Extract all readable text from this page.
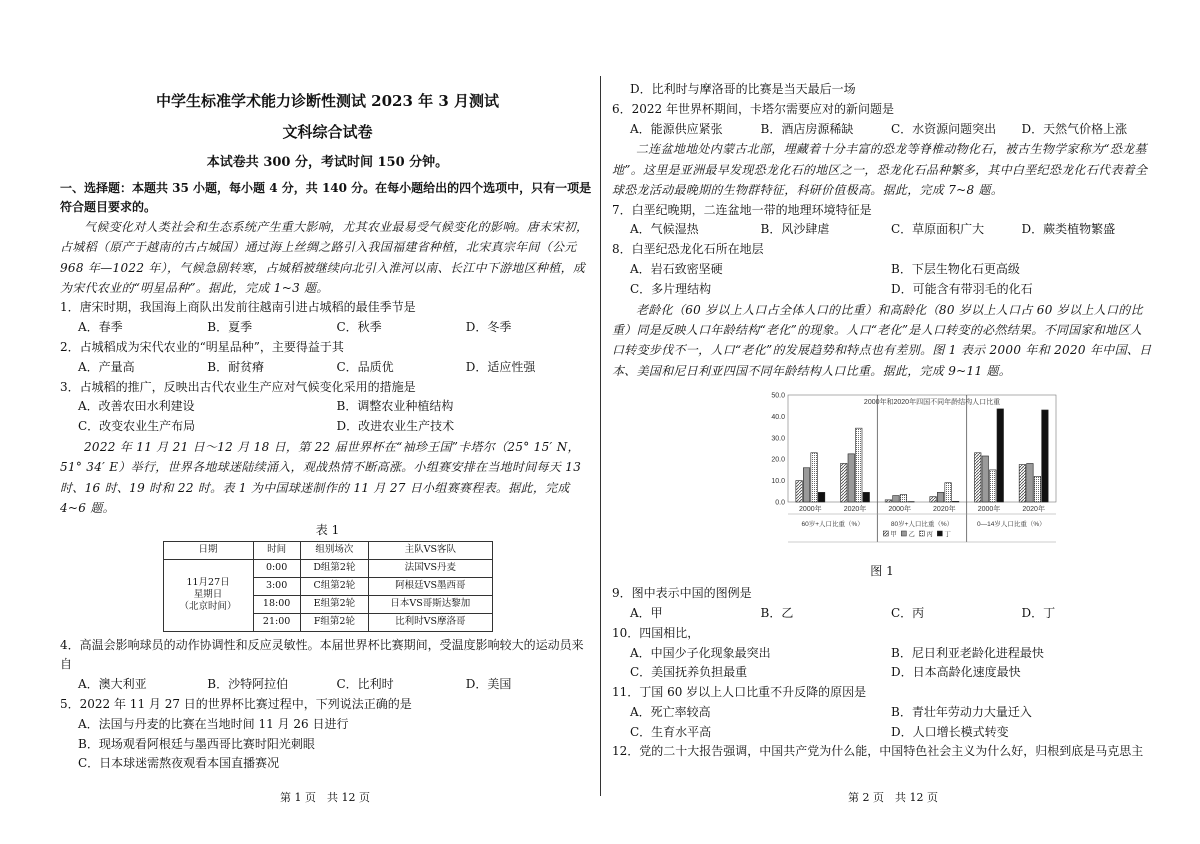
中学生标准学术能力诊断性测试 2023 年 3 月测试
文科综合试卷
本试卷共 300 分，考试时间 150 分钟。

一、选择题：本题共 35 小题，每小题 4 分，共 140 分。在每小题给出的四个选项中，只有一项是符合题目要求的。

气候变化对人类社会和生态系统产生重大影响，尤其农业最易受气候变化的影响。唐末宋初，占城稻（原产于越南的古占城国）通过海上丝绸之路引入我国福建省种植，北宋真宗年间（公元 968 年—1022 年），气候急剧转寒，占城稻被继续向北引入淮河以南、长江中下游地区种植，成为宋代农业的“明星品种”。据此，完成 1~3 题。

1．唐宋时期，我国海上商队出发前往越南引进占城稻的最佳季节是

A．春季	B．夏季	C．秋季	D．冬季

2．占城稻成为宋代农业的“明星品种”，主要得益于其

A．产量高	B．耐贫瘠	C．品质优	D．适应性强

3．占城稻的推广，反映出古代农业生产应对气候变化采用的措施是

A．改善农田水利建设	B．调整农业种植结构
C．改变农业生产布局	D．改进农业生产技术

2022 年 11 月 21 日～12 月 18 日，第 22 届世界杯在“袖珍王国”卡塔尔（25° 15′ N，51° 34′ E）举行，世界各地球迷陆续涌入，观战热情不断高涨。小组赛安排在当地时间每天 13 时、16 时、19 时和 22 时。表 1 为中国球迷制作的 11 月 27 日小组赛赛程表。据此，完成 4~6 题。

表 1
日期	时间	组别场次	主队VS客队

11月27日
星期日
（北京时间）	0:00	D组第2轮	法国VS丹麦
	3:00	C组第2轮	阿根廷VS墨西哥
	18:00	E组第2轮	日本VS哥斯达黎加
	21:00	F组第2轮	比利时VS摩洛哥

4．高温会影响球员的动作协调性和反应灵敏性。本届世界杯比赛期间，受温度影响较大的运动员来自

A．澳大利亚	B．沙特阿拉伯	C．比利时	D．美国

5．2022 年 11 月 27 日的世界杯比赛过程中，下列说法正确的是

A．法国与丹麦的比赛在当地时间 11 月 26 日进行
B．现场观看阿根廷与墨西哥比赛时阳光刺眼
C．日本球迷需熬夜观看本国直播赛况
第 1 页　共 12 页
D．比利时与摩洛哥的比赛是当天最后一场

6．2022 年世界杯期间，卡塔尔需要应对的新问题是

A．能源供应紧张	B．酒店房源稀缺	C．水资源问题突出	D．天然气价格上涨

二连盆地地处内蒙古北部，埋藏着十分丰富的恐龙等脊椎动物化石，被古生物学家称为“恐龙墓地”。这里是亚洲最早发现恐龙化石的地区之一，恐龙化石品种繁多，其中白垩纪恐龙化石代表着全球恐龙活动最晚期的生物群特征，科研价值极高。据此，完成 7~8 题。

7．白垩纪晚期，二连盆地一带的地理环境特征是

A．气候湿热	B．风沙肆虐	C．草原面积广大	D．蕨类植物繁盛

8．白垩纪恐龙化石所在地层

A．岩石致密坚硬	B．下层生物化石更高级
C．多片理结构	D．可能含有带羽毛的化石

老龄化（60 岁以上人口占全体人口的比重）和高龄化（80 岁以上人口占 60 岁以上人口的比重）同是反映人口年龄结构“老化”的现象。人口“老化”是人口转变的必然结果。不同国家和地区人口转变步伐不一，人口“老化”的发展趋势和特点也有差别。图 1 表示 2000 年和 2020 年中国、日本、美国和尼日利亚四国不同年龄结构人口比重。据此，完成 9~11 题。

2000年和2020年四国不同年龄结构人口比重
0.0
10.0
20.0
30.0
40.0
50.0
2000年	2020年	2000年	2020年	2000年	2020年
60岁+人口比重（%）	80岁+人口比重（%）	0—14岁人口比重（%）
甲 乙 丙 丁
图 1

9．图中表示中国的图例是

A．甲	B．乙	C．丙	D．丁

10．四国相比，

A．中国少子化现象最突出	B．尼日利亚老龄化进程最快
C．美国抚养负担最重	D．日本高龄化速度最快

11．丁国 60 岁以上人口比重不升反降的原因是

A．死亡率较高	B．青壮年劳动力大量迁入
C．生育水平高	D．人口增长模式转变

12．党的二十大报告强调，中国共产党为什么能，中国特色社会主义为什么好，归根到底是马克思主

第 2 页　共 12 页
